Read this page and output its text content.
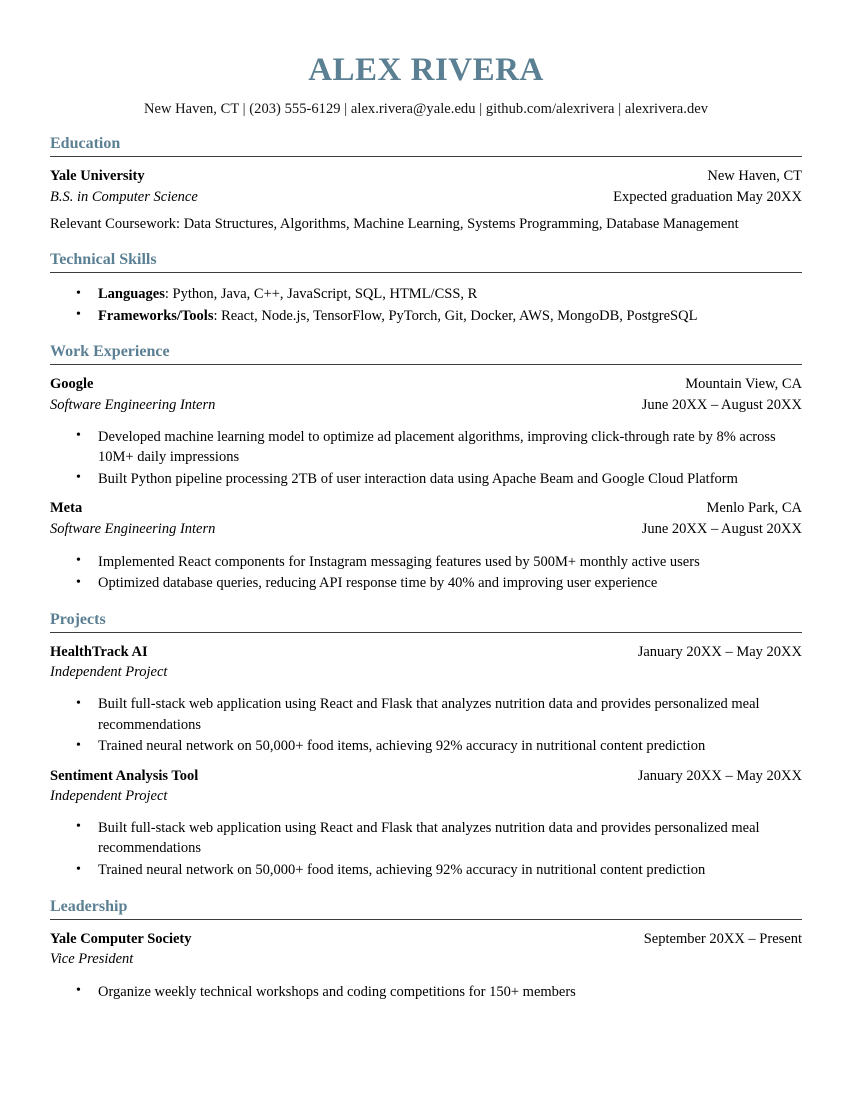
ALEX RIVERA
New Haven, CT | (203) 555-6129 | alex.rivera@yale.edu | github.com/alexrivera | alexrivera.dev
Education
Yale University	New Haven, CT
B.S. in Computer Science	Expected graduation May 20XX
Relevant Coursework: Data Structures, Algorithms, Machine Learning, Systems Programming, Database Management
Technical Skills
• Languages: Python, Java, C++, JavaScript, SQL, HTML/CSS, R
• Frameworks/Tools: React, Node.js, TensorFlow, PyTorch, Git, Docker, AWS, MongoDB, PostgreSQL
Work Experience
Google	Mountain View, CA
Software Engineering Intern	June 20XX – August 20XX
• Developed machine learning model to optimize ad placement algorithms, improving click-through rate by 8% across 10M+ daily impressions
• Built Python pipeline processing 2TB of user interaction data using Apache Beam and Google Cloud Platform
Meta	Menlo Park, CA
Software Engineering Intern	June 20XX – August 20XX
• Implemented React components for Instagram messaging features used by 500M+ monthly active users
• Optimized database queries, reducing API response time by 40% and improving user experience
Projects
HealthTrack AI	January 20XX – May 20XX
Independent Project
• Built full-stack web application using React and Flask that analyzes nutrition data and provides personalized meal recommendations
• Trained neural network on 50,000+ food items, achieving 92% accuracy in nutritional content prediction
Sentiment Analysis Tool	January 20XX – May 20XX
Independent Project
• Built full-stack web application using React and Flask that analyzes nutrition data and provides personalized meal recommendations
• Trained neural network on 50,000+ food items, achieving 92% accuracy in nutritional content prediction
Leadership
Yale Computer Society	September 20XX – Present
Vice President
• Organize weekly technical workshops and coding competitions for 150+ members
